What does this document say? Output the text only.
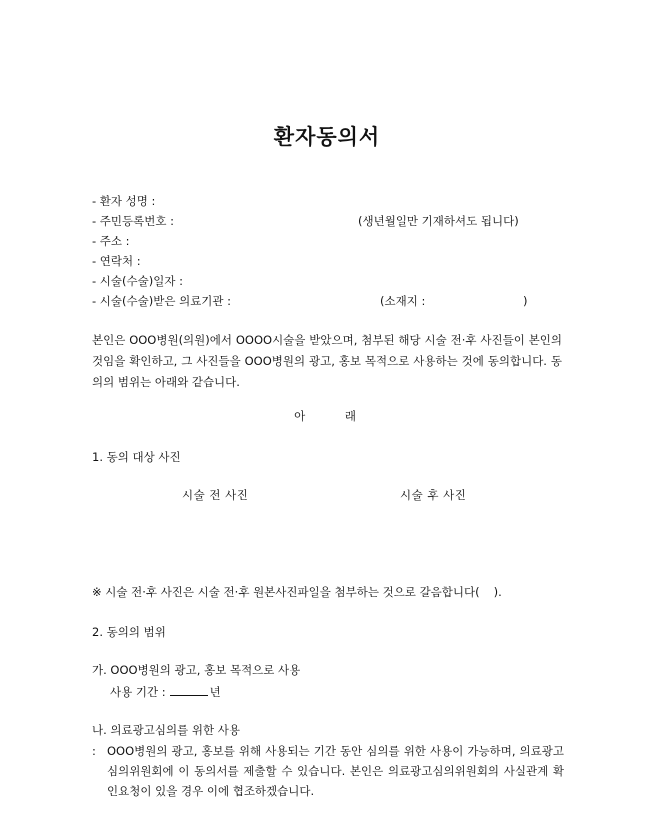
환자동의서
- 환자 성명 :
- 주민등록번호 :	(생년월일만 기재하셔도 됩니다)
- 주소 :
- 연락처 :
- 시술(수술)일자 :
- 시술(수술)받은 의료기관 :	(소재지 :	)
본인은 OOO병원(의원)에서 OOOO시술을 받았으며, 첨부된 해당 시술 전·후 사진들이 본인의 것임을 확인하고, 그 사진들을 OOO병원의 광고, 홍보 목적으로 사용하는 것에 동의합니다. 동의의 범위는 아래와 같습니다.
아	래
1. 동의 대상 사진
시술 전 사진	시술 후 사진
※ 시술 전·후 사진은 시술 전·후 원본사진파일을 첨부하는 것으로 갈음합니다( ).
2. 동의의 범위
가. OOO병원의 광고, 홍보 목적으로 사용
사용 기간 :	년
나. 의료광고심의를 위한 사용
: OOO병원의 광고, 홍보를 위해 사용되는 기간 동안 심의를 위한 사용이 가능하며, 의료광고심의위원회에 이 동의서를 제출할 수 있습니다. 본인은 의료광고심의위원회의 사실관계 확인요청이 있을 경우 이에 협조하겠습니다.
